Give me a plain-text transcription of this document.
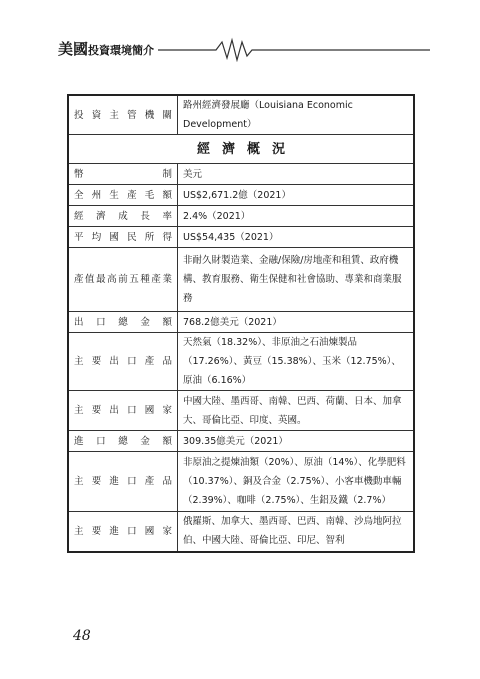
美國投資環境簡介
投資主管機關	路州經濟發展廳（Louisiana Economic Development）
經濟概況	
幣制	美元
全州生產毛額	US$2,671.2億（2021）
經濟成長率	2.4%（2021）
平均國民所得	US$54,435（2021）
產值最高前五種產業	非耐久財製造業、金融/保險/房地產和租賃、政府機構、教育服務、衛生保健和社會協助、專業和商業服務
出口總金額	768.2億美元（2021）
主要出口產品	天然氣（18.32%）、非原油之石油煉製品（17.26%）、黃豆（15.38%）、玉米（12.75%）、原油（6.16%）
主要出口國家	中國大陸、墨西哥、南韓、巴西、荷蘭、日本、加拿大、哥倫比亞、印度、英國。
進口總金額	309.35億美元（2021）
主要進口產品	非原油之提煉油類（20%）、原油（14%）、化學肥料（10.37%）、銅及合金（2.75%）、小客車機動車輛（2.39%）、咖啡（2.75%）、生鋁及鐵（2.7%）
主要進口國家	俄羅斯、加拿大、墨西哥、巴西、南韓、沙烏地阿拉伯、中國大陸、哥倫比亞、印尼、智利
48
